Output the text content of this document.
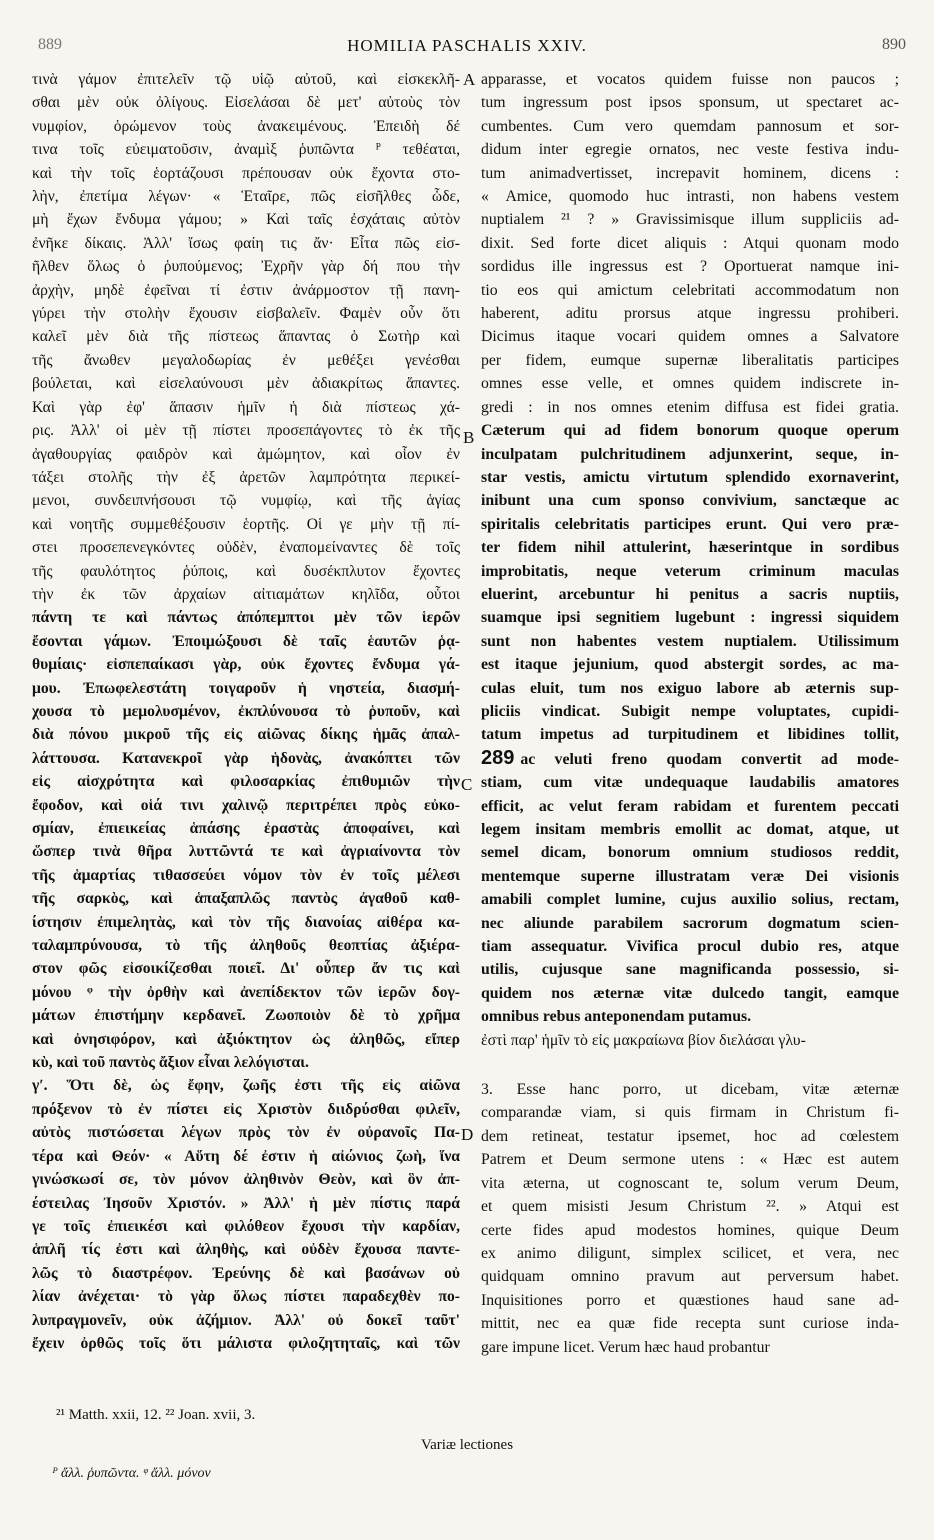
889	HOMILIA PASCHALIS XXIV.	890
τινὰ γάμον ἐπιτελεῖν τῷ υἱῷ αὐτοῦ, καὶ εἰσκεκλῆ-
σθαι μὲν οὐκ ὀλίγους. Εἰσελάσαι δὲ μετ' αὐτοὺς τὸν
νυμφίον, ὁρώμενον τοὺς ἀνακειμένους. Ἐπειδὴ δέ
τινα τοῖς εὐειματοῦσιν, ἀναμὶξ ῥυπῶντα ᴾ τεθέαται,
καὶ τὴν τοῖς ἑορτάζουσι πρέπουσαν οὐκ ἔχοντα στο-
λὴν, ἐπετίμα λέγων· « Ἑταῖρε, πῶς εἰσῆλθες ὧδε,
μὴ ἔχων ἔνδυμα γάμου; » Καὶ ταῖς ἐσχάταις αὐτὸν
ἐνῆκε δίκαις. Ἀλλ' ἴσως φαίη τις ἄν· Εἶτα πῶς εἰσ-
ῆλθεν ὅλως ὁ ῥυπούμενος; Ἐχρῆν γὰρ δή που τὴν
ἀρχὴν, μηδὲ ἐφεῖναι τί ἐστιν ἀνάρμοστον τῇ πανη-
γύρει τὴν στολὴν ἔχουσιν εἰσβαλεῖν. Φαμὲν οὖν ὅτι
καλεῖ μὲν διὰ τῆς πίστεως ἅπαντας ὁ Σωτὴρ καὶ
τῆς ἄνωθεν μεγαλοδωρίας ἐν μεθέξει γενέσθαι
βούλεται, καὶ εἰσελαύνουσι μὲν ἀδιακρίτως ἅπαντες.
Καὶ γὰρ ἐφ' ἅπασιν ἡμῖν ἡ διὰ πίστεως χά-
ρις. Ἀλλ' οἱ μὲν τῇ πίστει προσεπάγοντες τὸ ἐκ τῆς
ἀγαθουργίας φαιδρὸν καὶ ἀμώμητον, καὶ οἷον ἐν
τάξει στολῆς τὴν ἐξ ἀρετῶν λαμπρότητα περικεί-
μενοι, συνδειπνήσουσι τῷ νυμφίῳ, καὶ τῆς ἁγίας
καὶ νοητῆς συμμεθέξουσιν ἑορτῆς. Οἱ γε μὴν τῇ πί-
στει προσεπενεγκόντες οὐδὲν, ἐναπομείναντες δὲ τοῖς
τῆς φαυλότητος ῥύποις, καὶ δυσέκπλυτον ἔχοντες
τὴν ἐκ τῶν ἀρχαίων αἰτιαμάτων κηλῖδα, οὗτοι
πάντη τε καὶ πάντως ἀπόπεμπτοι μὲν τῶν ἱερῶν
ἔσονται γάμων. Ἐποιμώξουσι δὲ ταῖς ἑαυτῶν ῥᾳ-
θυμίαις· εἰσπεπαίκασι γὰρ, οὐκ ἔχοντες ἔνδυμα γά-
μου. Ἐπωφελεστάτη τοιγαροῦν ἡ νηστεία, διασμή-
χουσα τὸ μεμολυσμένον, ἐκπλύνουσα τὸ ῥυποῦν, καὶ
διὰ πόνου μικροῦ τῆς εἰς αἰῶνας δίκης ἡμᾶς ἀπαλ-
λάττουσα. Κατανεκροῖ γὰρ ἡδονὰς, ἀνακόπτει τῶν
εἰς αἰσχρότητα καὶ φιλοσαρκίας ἐπιθυμιῶν τὴν
ἔφοδον, καὶ οἱά τινι χαλινῷ περιτρέπει πρὸς εὐκο-
σμίαν, ἐπιεικείας ἁπάσης ἐραστὰς ἀποφαίνει, καὶ
ὥσπερ τινὰ θῆρα λυττῶντά τε καὶ ἀγριαίνοντα τὸν
τῆς ἁμαρτίας τιθασσεύει νόμον τὸν ἐν τοῖς μέλεσι
τῆς σαρκὸς, καὶ ἁπαξαπλῶς παντὸς ἀγαθοῦ καθ-
ίστησιν ἐπιμελητὰς, καὶ τὸν τῆς διανοίας αἰθέρα κα-
ταλαμπρύνουσα, τὸ τῆς ἀληθοῦς θεοπτίας ἀξιέρα-
στον φῶς εἰσοικίζεσθαι ποιεῖ. Δι' οὗπερ ἄν τις καὶ
μόνου ᵠ τὴν ὀρθὴν καὶ ἀνεπίδεκτον τῶν ἱερῶν δογ-
μάτων ἐπιστήμην κερδανεῖ. Ζωοποιὸν δὲ τὸ χρῆμα
καὶ ὀνησιφόρον, καὶ ἀξιόκτητον ὡς ἀληθῶς, εἴπερ
κὺ, καὶ τοῦ παντὸς ἄξιον εἶναι λελόγισται.
γʹ. Ὅτι δὲ, ὡς ἔφην, ζωῆς ἐστι τῆς εἰς αἰῶνα
πρόξενον τὸ ἐν πίστει εἰς Χριστὸν διιδρύσθαι φιλεῖν,
αὐτὸς πιστώσεται λέγων πρὸς τὸν ἐν οὐρανοῖς Πα-
τέρα καὶ Θεόν· « Αὕτη δέ ἐστιν ἡ αἰώνιος ζωὴ, ἵνα
γινώσκωσί σε, τὸν μόνον ἀληθινὸν Θεὸν, καὶ ὃν ἀπ-
έστειλας Ἰησοῦν Χριστόν. » Ἀλλ' ἡ μὲν πίστις παρά
γε τοῖς ἐπιεικέσι καὶ φιλόθεον ἔχουσι τὴν καρδίαν,
ἁπλῆ τίς ἐστι καὶ ἀληθὴς, καὶ οὐδὲν ἔχουσα παντε-
λῶς τὸ διαστρέφον. Ἐρεύνης δὲ καὶ βασάνων οὐ
λίαν ἀνέχεται· τὸ γὰρ ὅλως πίστει παραδεχθὲν πο-
λυπραγμονεῖν, οὐκ ἀζήμιον. Ἀλλ' οὐ δοκεῖ ταῦτ'
ἔχειν ὀρθῶς τοῖς ὅτι μάλιστα φιλοζητηταῖς, καὶ τῶν
apparasse, et vocatos quidem fuisse non paucos ;
tum ingressum post ipsos sponsum, ut spectaret ac-
cumbentes. Cum vero quemdam pannosum et sor-
didum inter egregie ornatos, nec veste festiva indu-
tum animadvertisset, increpavit hominem, dicens :
« Amice, quomodo huc intrasti, non habens vestem
nuptialem ²¹ ? » Gravissimisque illum suppliciis ad-
dixit. Sed forte dicet aliquis : Atqui quonam modo
sordidus ille ingressus est ? Oportuerat namque ini-
tio eos qui amictum celebritati accommodatum non
haberent, aditu prorsus atque ingressu prohiberi.
Dicimus itaque vocari quidem omnes a Salvatore
per fidem, eumque supernæ liberalitatis participes
omnes esse velle, et omnes quidem indiscrete in-
gredi : in nos omnes etenim diffusa est fidei gratia.
Cæterum qui ad fidem bonorum quoque operum
inculpatam pulchritudinem adjunxerint, seque, in-
star vestis, amictu virtutum splendido exornaverint,
inibunt una cum sponso convivium, sanctæque ac
spiritalis celebritatis participes erunt. Qui vero præ-
ter fidem nihil attulerint, hæserintque in sordibus
improbitatis, neque veterum criminum maculas
eluerint, arcebuntur hi penitus a sacris nuptiis,
suamque ipsi segnitiem lugebunt : ingressi siquidem
sunt non habentes vestem nuptialem. Utilissimum
est itaque jejunium, quod abstergit sordes, ac ma-
culas eluit, tum nos exiguo labore ab æternis sup-
pliciis vindicat. Subigit nempe voluptates, cupidi-
tatum impetus ad turpitudinem et libidines tollit,
289 ac veluti freno quodam convertit ad mode-
stiam, cum vitæ undequaque laudabilis amatores
efficit, ac velut feram rabidam et furentem peccati
legem insitam membris emollit ac domat, atque, ut
semel dicam, bonorum omnium studiosos reddit,
mentemque superne illustratam veræ Dei visionis
amabili complet lumine, cujus auxilio solius, rectam,
nec aliunde parabilem sacrorum dogmatum scien-
tiam assequatur. Vivifica procul dubio res, atque
utilis, cujusque sane magnificanda possessio, si-
quidem nos æternæ vitæ dulcedo tangit, eamque
omnibus rebus anteponendam putamus.
ἐστὶ παρ' ἡμῖν τὸ εἰς μακραίωνα βίον διελάσαι γλυ-
3. Esse hanc porro, ut dicebam, vitæ æternæ
comparandæ viam, si quis firmam in Christum fi-
dem retineat, testatur ipsemet, hoc ad cœlestem
Patrem et Deum sermone utens : « Hæc est autem
vita æterna, ut cognoscant te, solum verum Deum,
et quem misisti Jesum Christum ²². » Atqui est
certe fides apud modestos homines, quique Deum
ex animo diligunt, simplex scilicet, et vera, nec
quidquam omnino pravum aut perversum habet.
Inquisitiones porro et quæstiones haud sane ad-
mittit, nec ea quæ fide recepta sunt curiose inda-
gare impune licet. Verum hæc haud probantur
A
B
C
D
²¹ Matth. xxii, 12. ²² Joan. xvii, 3.
Variæ lectiones
ᴾ ἄλλ. ῥυπῶντα. ᵠ ἄλλ. μόνον
